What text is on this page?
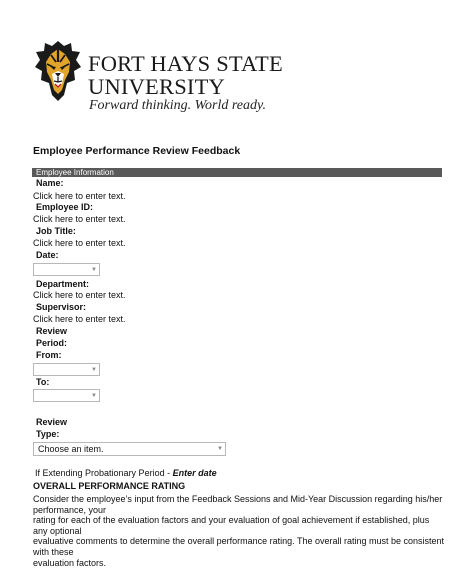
FORT HAYS STATE
UNIVERSITY
Forward thinking. World ready.
Employee Performance Review Feedback
Employee Information
Name:
Click here to enter text.
Employee ID:
Click here to enter text.
Job Title:
Click here to enter text.
Date:
▼
Department:
Click here to enter text.
Supervisor:
Click here to enter text.
Review
Period:
From:
▼
To:
▼
Review
Type:
Choose an item.	▼
If Extending Probationary Period - Enter date
OVERALL PERFORMANCE RATING
Consider the employee’s input from the Feedback Sessions and Mid-Year Discussion regarding his/her performance, your
rating for each of the evaluation factors and your evaluation of goal achievement if established, plus any optional
evaluative comments to determine the overall performance rating. The overall rating must be consistent with these
evaluation factors.
